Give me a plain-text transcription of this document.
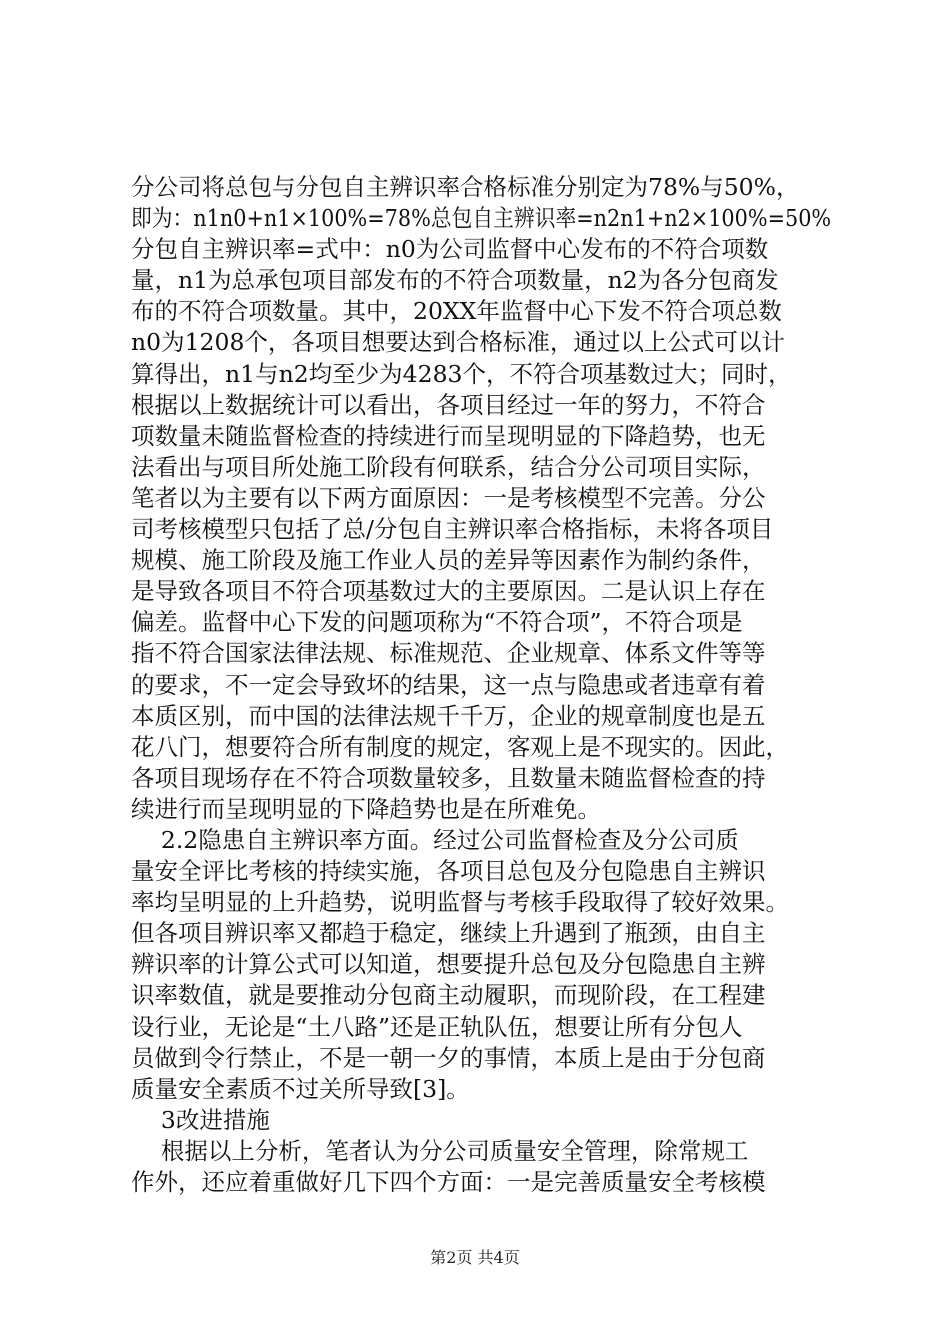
分公司将总包与分包自主辨识率合格标准分别定为78%与50%，
即为：n1n0+n1×100%=78%总包自主辨识率=n2n1+n2×100%=50%
分包自主辨识率=式中：n0为公司监督中心发布的不符合项数
量，n1为总承包项目部发布的不符合项数量，n2为各分包商发
布的不符合项数量。其中，20XX年监督中心下发不符合项总数
n0为1208个，各项目想要达到合格标准，通过以上公式可以计
算得出，n1与n2均至少为4283个，不符合项基数过大；同时，
根据以上数据统计可以看出，各项目经过一年的努力，不符合
项数量未随监督检查的持续进行而呈现明显的下降趋势，也无
法看出与项目所处施工阶段有何联系，结合分公司项目实际，
笔者以为主要有以下两方面原因：一是考核模型不完善。分公
司考核模型只包括了总/分包自主辨识率合格指标，未将各项目
规模、施工阶段及施工作业人员的差异等因素作为制约条件，
是导致各项目不符合项基数过大的主要原因。二是认识上存在
偏差。监督中心下发的问题项称为“不符合项”，不符合项是
指不符合国家法律法规、标准规范、企业规章、体系文件等等
的要求，不一定会导致坏的结果，这一点与隐患或者违章有着
本质区别，而中国的法律法规千千万，企业的规章制度也是五
花八门，想要符合所有制度的规定，客观上是不现实的。因此，
各项目现场存在不符合项数量较多，且数量未随监督检查的持
续进行而呈现明显的下降趋势也是在所难免。
2.2隐患自主辨识率方面。经过公司监督检查及分公司质
量安全评比考核的持续实施，各项目总包及分包隐患自主辨识
率均呈明显的上升趋势，说明监督与考核手段取得了较好效果。
但各项目辨识率又都趋于稳定，继续上升遇到了瓶颈，由自主
辨识率的计算公式可以知道，想要提升总包及分包隐患自主辨
识率数值，就是要推动分包商主动履职，而现阶段，在工程建
设行业，无论是“土八路”还是正轨队伍，想要让所有分包人
员做到令行禁止，不是一朝一夕的事情，本质上是由于分包商
质量安全素质不过关所导致[3]。
3改进措施
根据以上分析，笔者认为分公司质量安全管理，除常规工
作外，还应着重做好几下四个方面：一是完善质量安全考核模
第2页 共4页
